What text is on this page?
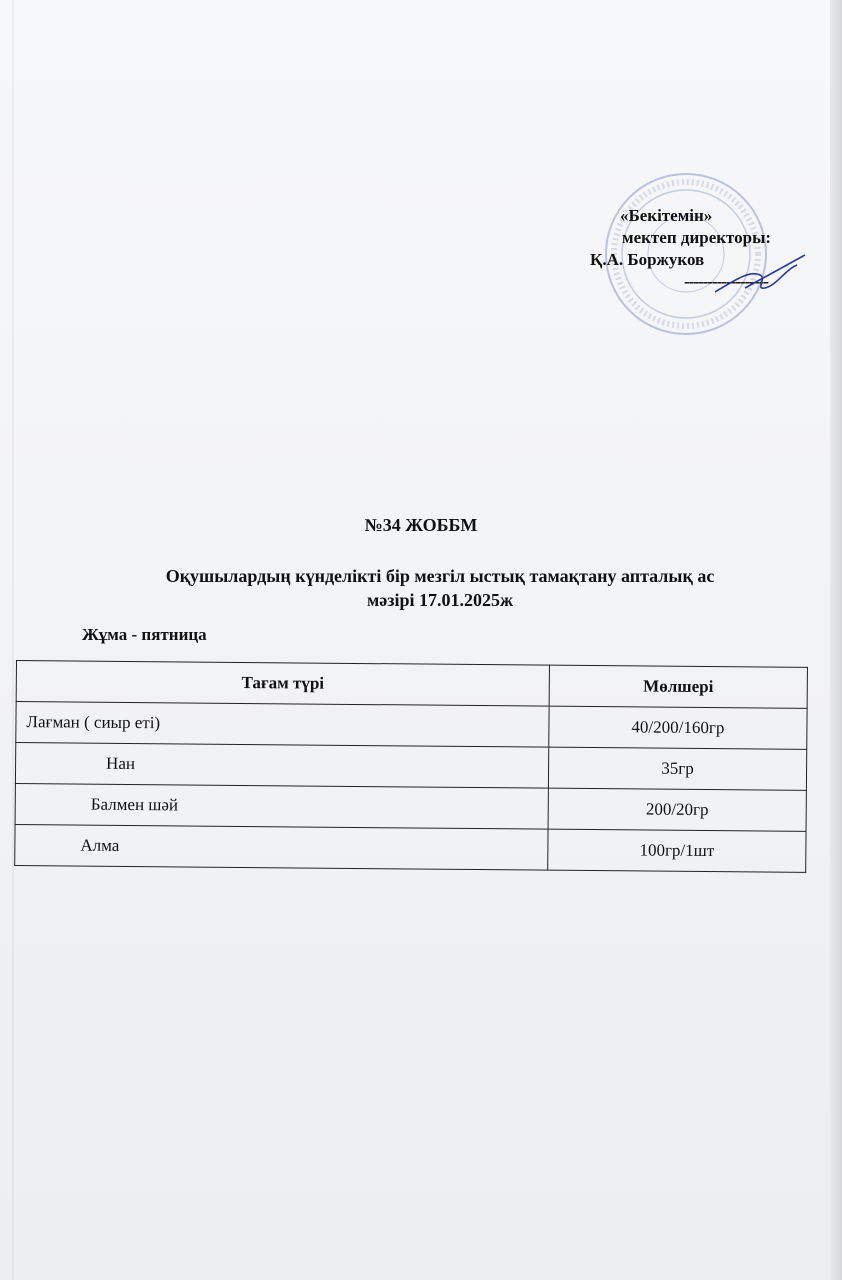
«Бекітемін»
мектеп директоры:
Қ.А. Боржуков
------------------
№34 ЖОББМ
Оқушылардың күнделікті бір мезгіл ыстық тамақтану апталық ас
мәзірі 17.01.2025ж
Жұма - пятница
Тағам түрі	Мөлшері
Лағман ( сиыр еті)	40/200/160гр
Нан	35гр
Балмен шәй	200/20гр
Алма	100гр/1шт
